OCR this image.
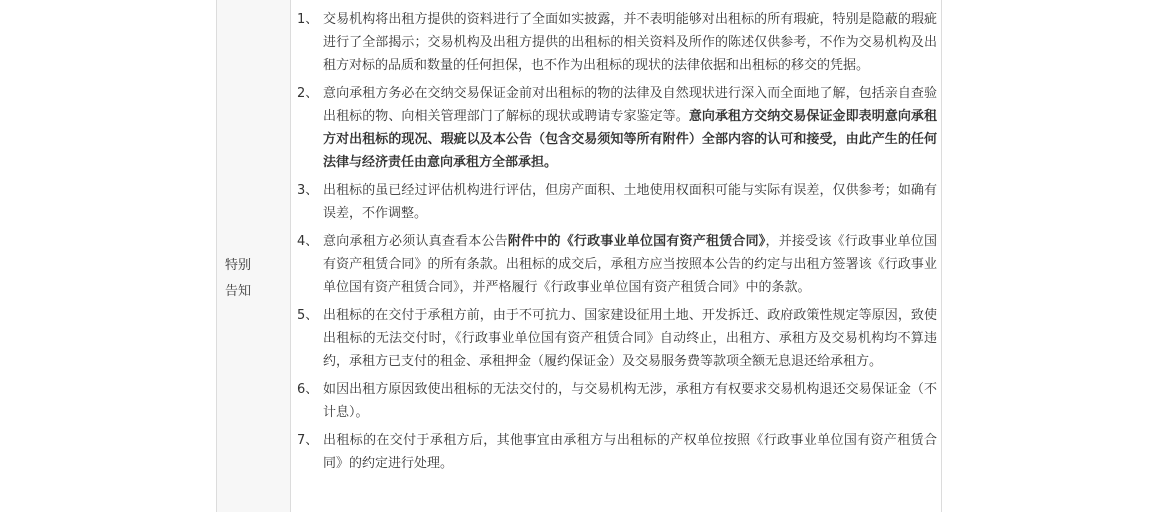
特别
告知
1、 交易机构将出租方提供的资料进行了全面如实披露，并不表明能够对出租标的所有瑕疵，特别是隐蔽的瑕疵进行了全部揭示；交易机构及出租方提供的出租标的相关资料及所作的陈述仅供参考，不作为交易机构及出租方对标的品质和数量的任何担保，也不作为出租标的现状的法律依据和出租标的移交的凭据。
2、 意向承租方务必在交纳交易保证金前对出租标的物的法律及自然现状进行深入而全面地了解，包括亲自查验出租标的物、向相关管理部门了解标的现状或聘请专家鉴定等。意向承租方交纳交易保证金即表明意向承租方对出租标的现况、瑕疵以及本公告（包含交易须知等所有附件）全部内容的认可和接受，由此产生的任何法律与经济责任由意向承租方全部承担。
3、 出租标的虽已经过评估机构进行评估，但房产面积、土地使用权面积可能与实际有误差，仅供参考；如确有误差，不作调整。
4、 意向承租方必须认真查看本公告附件中的《行政事业单位国有资产租赁合同》，并接受该《行政事业单位国有资产租赁合同》的所有条款。出租标的成交后，承租方应当按照本公告的约定与出租方签署该《行政事业单位国有资产租赁合同》，并严格履行《行政事业单位国有资产租赁合同》中的条款。
5、 出租标的在交付于承租方前，由于不可抗力、国家建设征用土地、开发拆迁、政府政策性规定等原因，致使出租标的无法交付时，《行政事业单位国有资产租赁合同》自动终止，出租方、承租方及交易机构均不算违约，承租方已支付的租金、承租押金（履约保证金）及交易服务费等款项全额无息退还给承租方。
6、 如因出租方原因致使出租标的无法交付的，与交易机构无涉，承租方有权要求交易机构退还交易保证金（不计息）。
7、 出租标的在交付于承租方后，其他事宜由承租方与出租标的产权单位按照《行政事业单位国有资产租赁合同》的约定进行处理。
